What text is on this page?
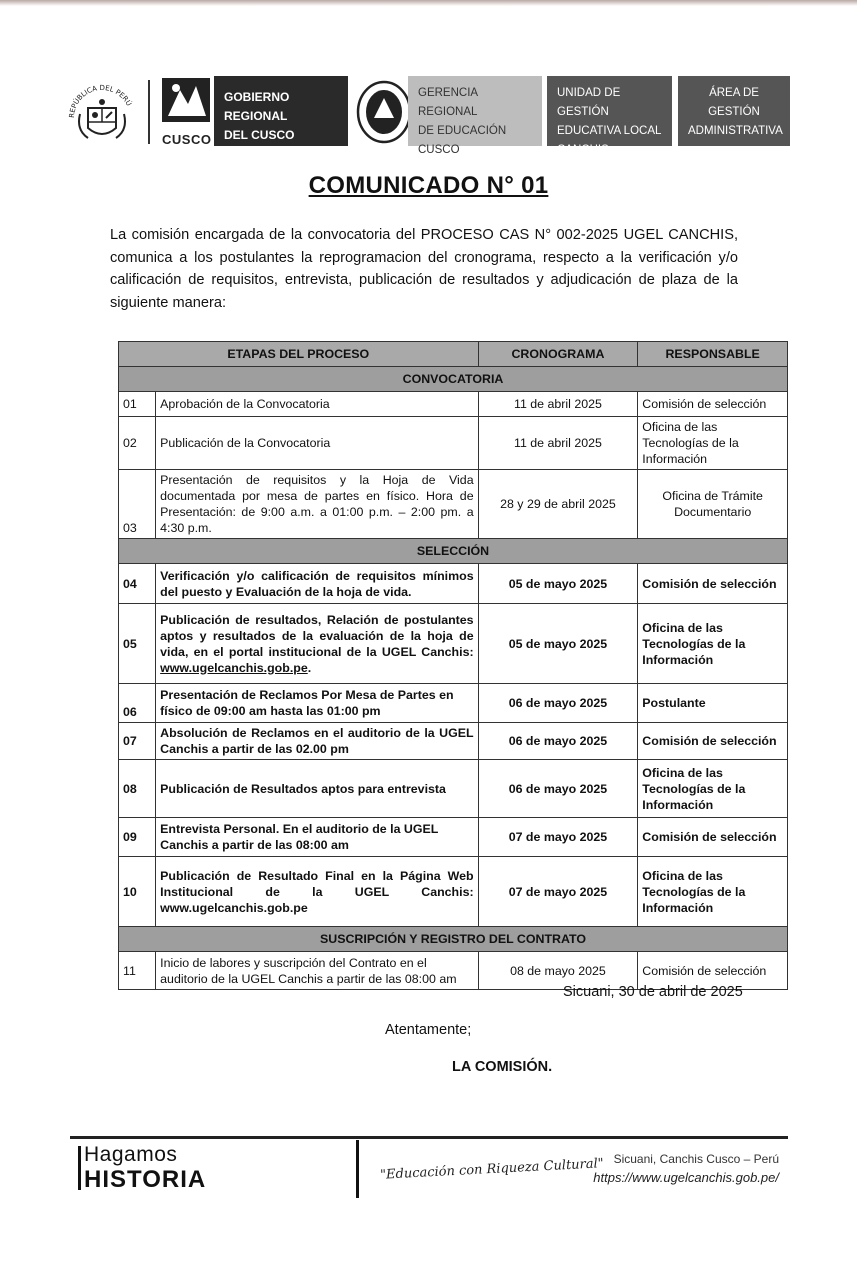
REPÚBLICA DEL PERÚ
CUSCO
GOBIERNO REGIONAL
DEL CUSCO
GERENCIA REGIONAL
DE EDUCACIÓN CUSCO
UNIDAD DE GESTIÓN
EDUCATIVA LOCAL
CANCHIS
ÁREA DE GESTIÓN
ADMINISTRATIVA
COMUNICADO N° 01
La comisión encargada de la convocatoria del PROCESO CAS N° 002-2025 UGEL CANCHIS, comunica a los postulantes la reprogramacion del cronograma, respecto a la verificación y/o calificación de requisitos, entrevista, publicación de resultados y adjudicación de plaza de la siguiente manera:
ETAPAS DEL PROCESO		CRONOGRAMA	RESPONSABLE
CONVOCATORIA			
01	Aprobación de la Convocatoria	11 de abril 2025	Comisión de selección
02	Publicación de la Convocatoria	11 de abril 2025	Oficina de las Tecnologías de la Información
03	Presentación de requisitos y la Hoja de Vida documentada por mesa de partes en físico. Hora de Presentación: de 9:00 a.m. a 01:00 p.m. – 2:00 pm. a 4:30 p.m.	28 y 29 de abril 2025	Oficina de Trámite Documentario
SELECCIÓN			
04	Verificación y/o calificación de requisitos mínimos del puesto y Evaluación de la hoja de vida.	05 de mayo 2025	Comisión de selección
05	Publicación de resultados, Relación de postulantes aptos y resultados de la evaluación de la hoja de vida, en el portal institucional de la UGEL Canchis: www.ugelcanchis.gob.pe.	05 de mayo 2025	Oficina de las Tecnologías de la Información
06	Presentación de Reclamos Por Mesa de Partes en físico de 09:00 am hasta las 01:00 pm	06 de mayo 2025	Postulante
07	Absolución de Reclamos en el auditorio de la UGEL Canchis a partir de las 02.00 pm	06 de mayo 2025	Comisión de selección
08	Publicación de Resultados aptos para entrevista	06 de mayo 2025	Oficina de las Tecnologías de la Información
09	Entrevista Personal. En el auditorio de la UGEL Canchis a partir de las 08:00 am	07 de mayo 2025	Comisión de selección
10	Publicación de Resultado Final en la Página Web Institucional de la UGEL Canchis: www.ugelcanchis.gob.pe	07 de mayo 2025	Oficina de las Tecnologías de la Información
SUSCRIPCIÓN Y REGISTRO DEL CONTRATO			
11	Inicio de labores y suscripción del Contrato en el auditorio de la UGEL Canchis a partir de las 08:00 am	08 de mayo 2025	Comisión de selección
Sicuani, 30 de abril de 2025
Atentamente;
LA COMISIÓN.
Hagamos
HISTORIA	"Educación con Riqueza Cultural" Sicuani, Canchis Cusco – Perú
https://www.ugelcanchis.gob.pe/
